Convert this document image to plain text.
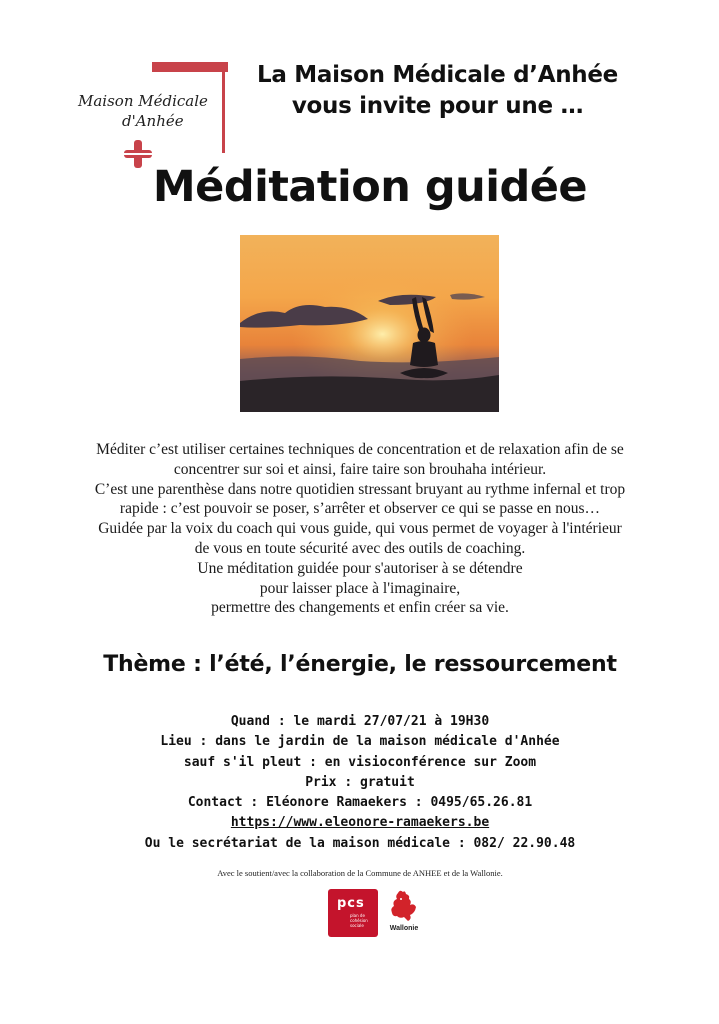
Maison Médicale
d'Anhée
La Maison Médicale d’Anhée
vous invite pour une …
Méditation guidée
Méditer c’est utiliser certaines techniques de concentration et de relaxation afin de se
concentrer sur soi et ainsi, faire taire son brouhaha intérieur.
C’est une parenthèse dans notre quotidien stressant bruyant au rythme infernal et trop
rapide : c’est pouvoir se poser, s’arrêter et observer ce qui se passe en nous…
Guidée par la voix du coach qui vous guide, qui vous permet de voyager à l'intérieur
de vous en toute sécurité avec des outils de coaching.
Une méditation guidée pour s'autoriser à se détendre
pour laisser place à l'imaginaire,
permettre des changements et enfin créer sa vie.
Thème : l’été, l’énergie, le ressourcement
Quand : le mardi 27/07/21 à 19H30
Lieu : dans le jardin de la maison médicale d'Anhée
sauf s'il pleut : en visioconférence sur Zoom
Prix : gratuit
Contact : Eléonore Ramaekers : 0495/65.26.81
https://www.eleonore-ramaekers.be
Ou le secrétariat de la maison médicale : 082/ 22.90.48
Avec le soutient/avec la collaboration de la Commune de ANHEE et de la Wallonie.
pcs
plan de cohésion sociale	Wallonie
